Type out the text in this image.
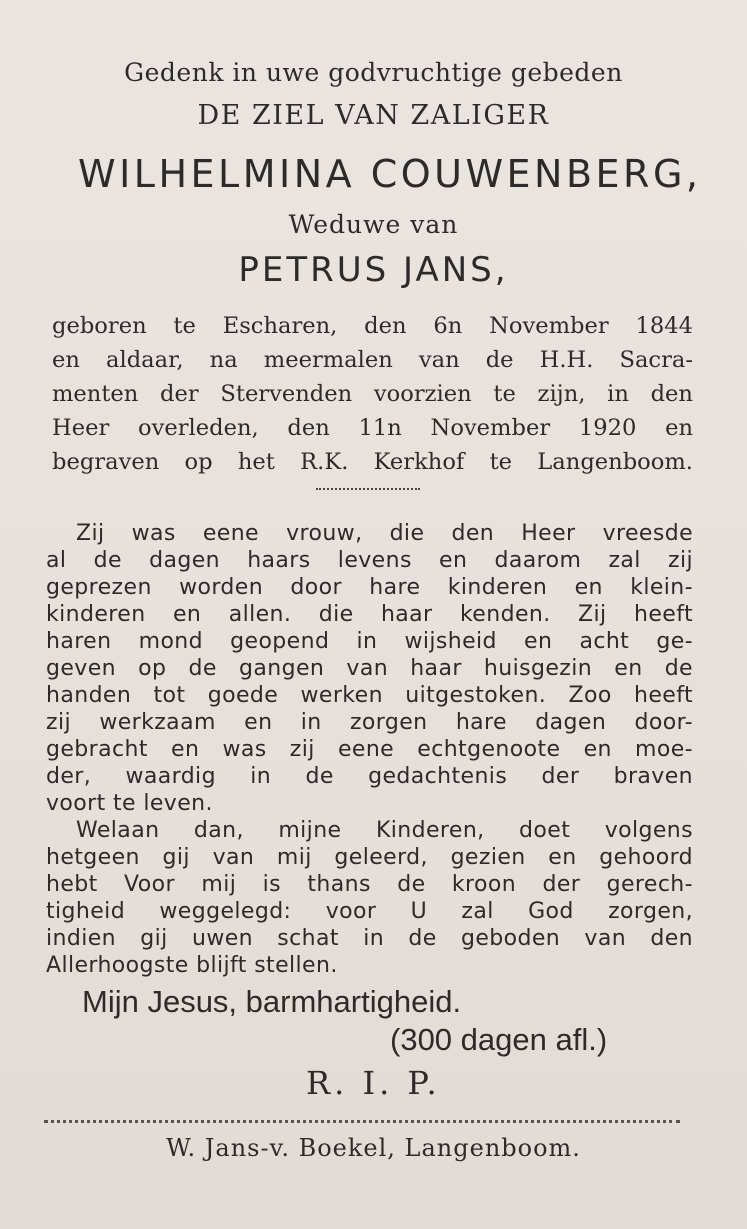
Gedenk in uwe godvruchtige gebeden
DE ZIEL VAN ZALIGER
WILHELMINA COUWENBERG,
Weduwe van
PETRUS JANS,
geboren te Escharen, den 6n November 1844
en aldaar, na meermalen van de H.H. Sacra-
menten der Stervenden voorzien te zijn, in den
Heer overleden, den 11n November 1920 en
begraven op het R.K. Kerkhof te Langenboom.
Zij was eene vrouw, die den Heer vreesde
al de dagen haars levens en daarom zal zij
geprezen worden door hare kinderen en klein-
kinderen en allen. die haar kenden. Zij heeft
haren mond geopend in wijsheid en acht ge-
geven op de gangen van haar huisgezin en de
handen tot goede werken uitgestoken. Zoo heeft
zij werkzaam en in zorgen hare dagen door-
gebracht en was zij eene echtgenoote en moe-
der, waardig in de gedachtenis der braven
voort te leven.
Welaan dan, mijne Kinderen, doet volgens
hetgeen gij van mij geleerd, gezien en gehoord
hebt Voor mij is thans de kroon der gerech-
tigheid weggelegd: voor U zal God zorgen,
indien gij uwen schat in de geboden van den
Allerhoogste blijft stellen.
Mijn Jesus, barmhartigheid.
(300 dagen afl.)
R. I. P.
W. Jans-v. Boekel, Langenboom.
